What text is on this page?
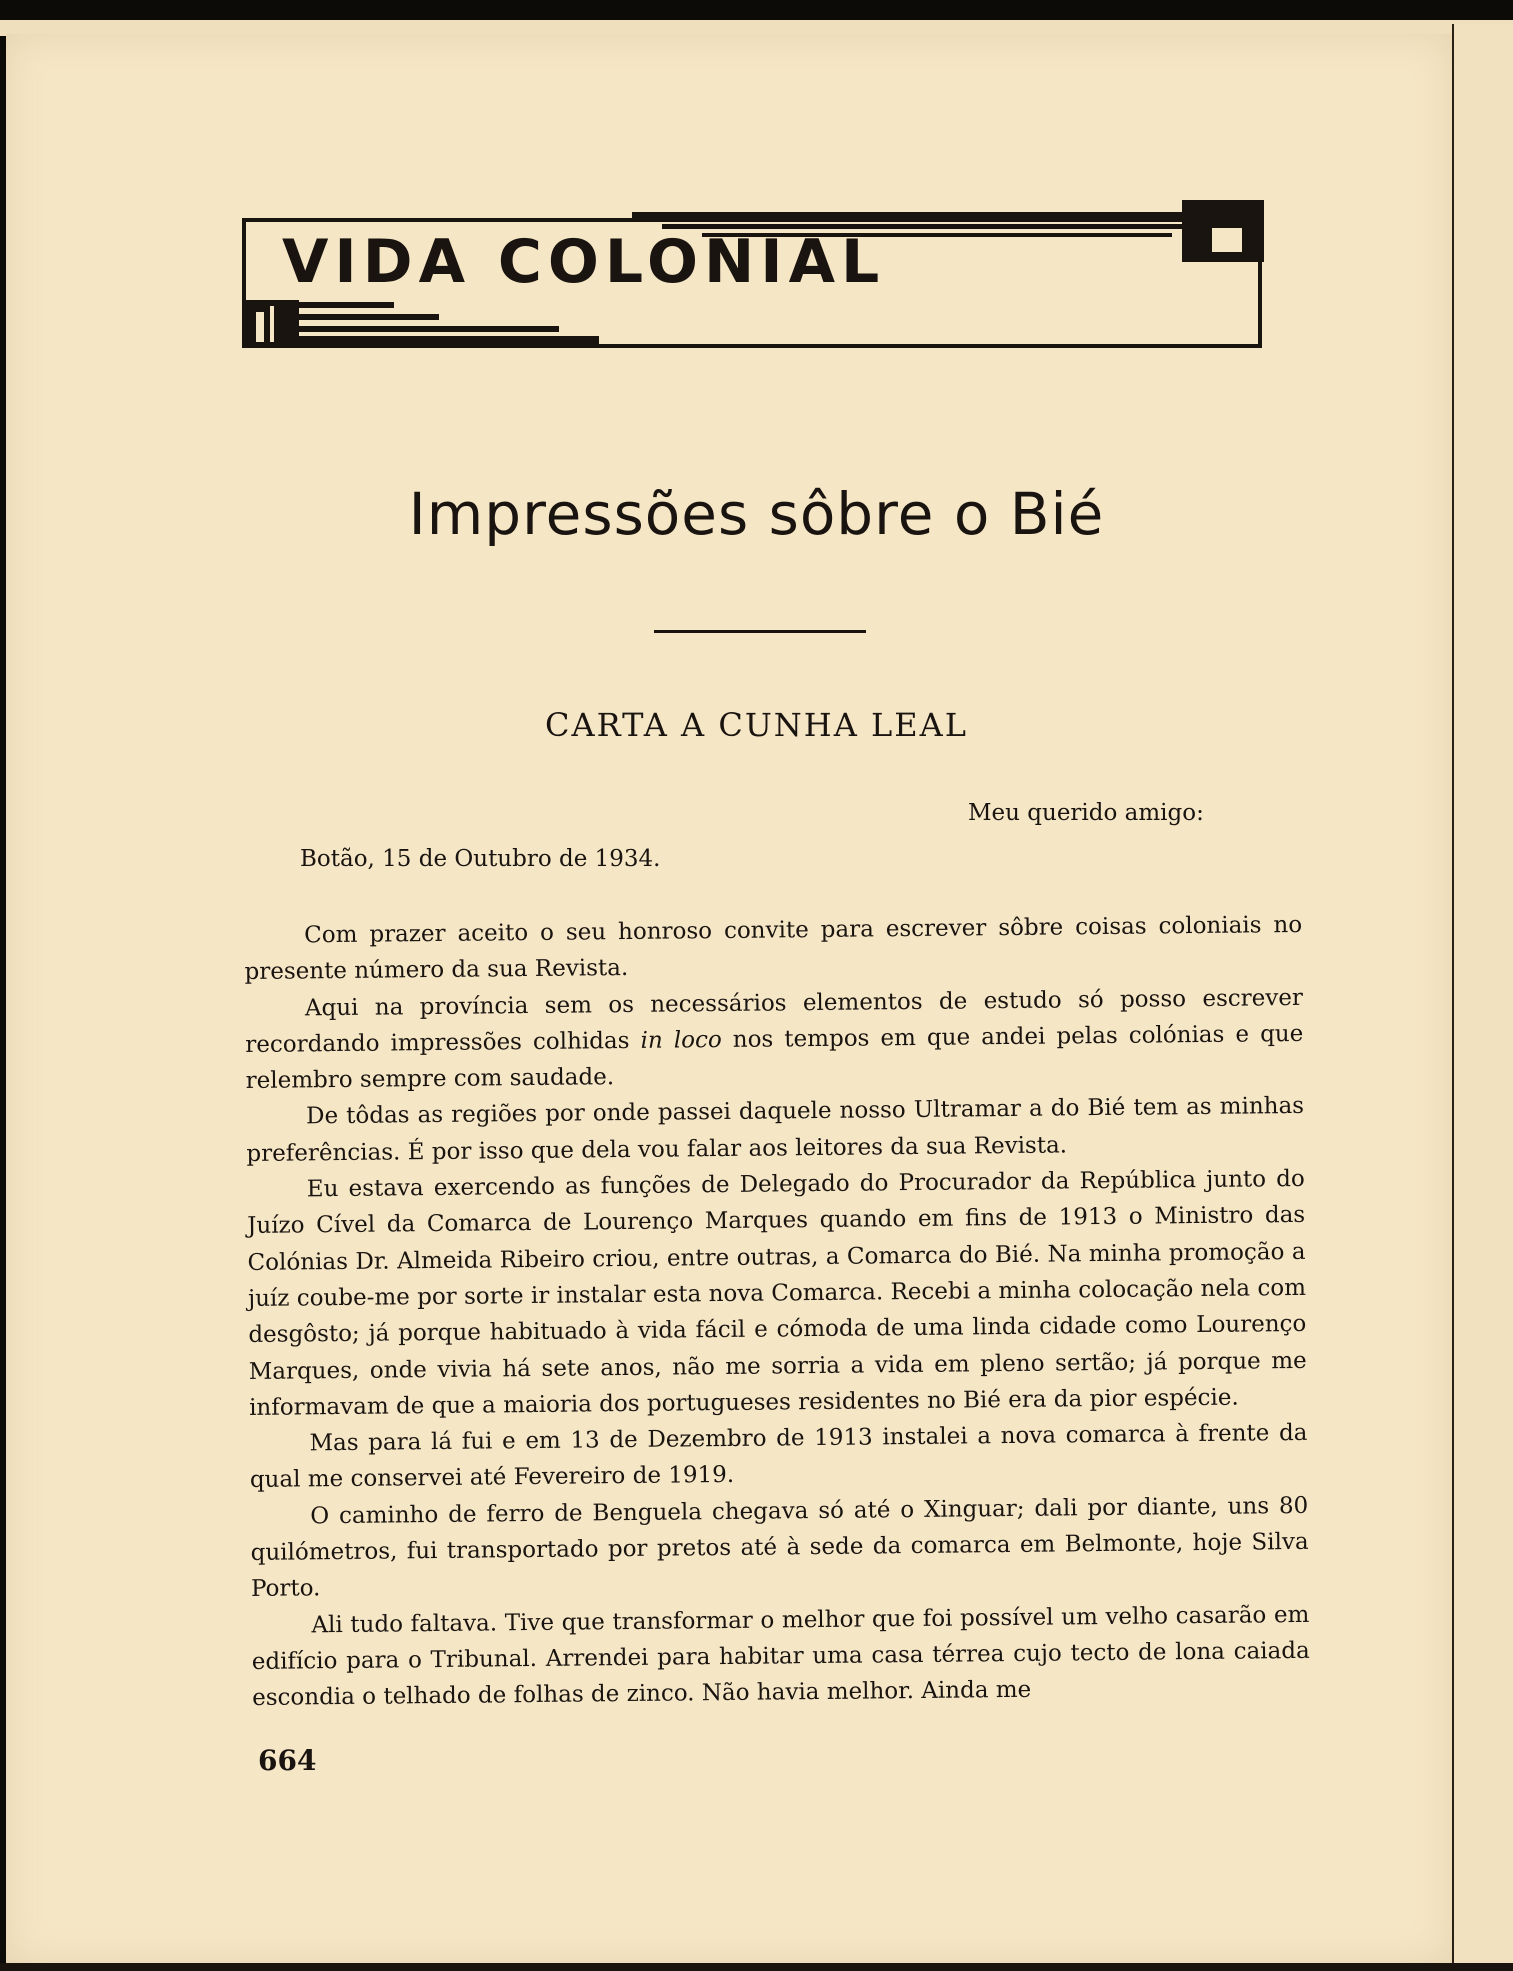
VIDA COLONIAL
Impressões sôbre o Bié
CARTA A CUNHA LEAL
Meu querido amigo:
Botão, 15 de Outubro de 1934.

Com prazer aceito o seu honroso convite para escrever sôbre coisas coloniais no presente número da sua Revista.

Aqui na província sem os necessários elementos de estudo só posso escrever recordando impressões colhidas in loco nos tempos em que andei pelas colónias e que relembro sempre com saudade.

De tôdas as regiões por onde passei daquele nosso Ultramar a do Bié tem as minhas preferências. É por isso que dela vou falar aos leitores da sua Revista.

Eu estava exercendo as funções de Delegado do Procurador da República junto do Juízo Cível da Comarca de Lourenço Marques quando em fins de 1913 o Ministro das Colónias Dr. Almeida Ribeiro criou, entre outras, a Comarca do Bié. Na minha promoção a juíz coube-me por sorte ir instalar esta nova Comarca. Recebi a minha colocação nela com desgôsto; já porque habituado à vida fácil e cómoda de uma linda cidade como Lourenço Marques, onde vivia há sete anos, não me sorria a vida em pleno sertão; já porque me informavam de que a maioria dos portugueses residentes no Bié era da pior espécie.

Mas para lá fui e em 13 de Dezembro de 1913 instalei a nova comarca à frente da qual me conservei até Fevereiro de 1919.

O caminho de ferro de Benguela chegava só até o Xinguar; dali por diante, uns 80 quilómetros, fui transportado por pretos até à sede da comarca em Belmonte, hoje Silva Porto.

Ali tudo faltava. Tive que transformar o melhor que foi possível um velho casarão em edifício para o Tribunal. Arrendei para habitar uma casa térrea cujo tecto de lona caiada escondia o telhado de folhas de zinco. Não havia melhor. Ainda me

664
